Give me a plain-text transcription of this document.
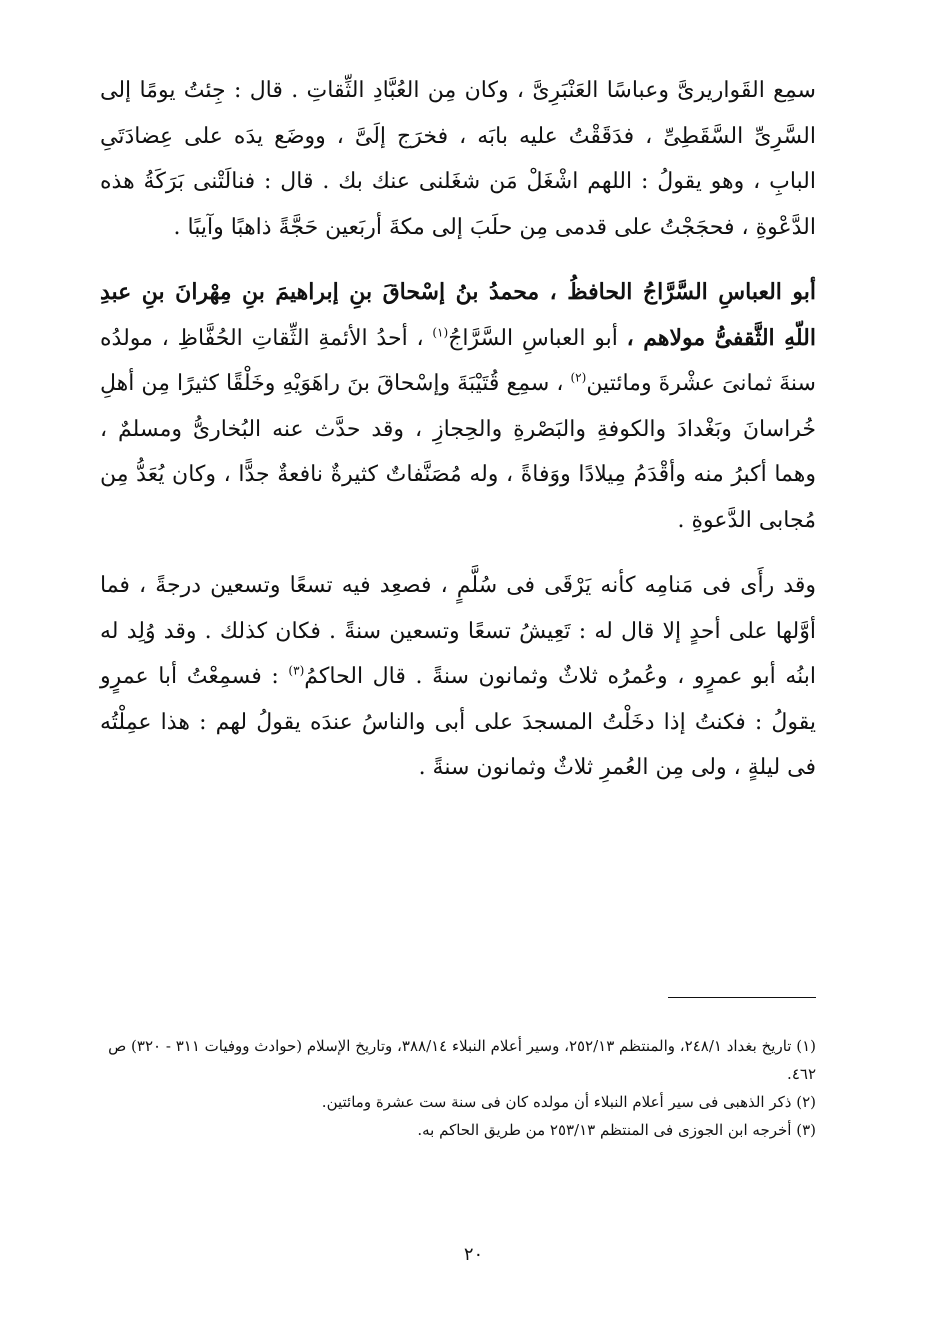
سمِع القَواريرىَّ وعباسًا العَنْبَرِىَّ ، وكان مِن العُبَّادِ الثِّقاتِ . قال : جِئتُ يومًا إلى السَّرِىِّ السَّقَطِىِّ ، فدَقَقْتُ عليه بابَه ، فخرَج إلَىَّ ، ووضَع يدَه على عِضادَتَىِ البابِ ، وهو يقولُ : اللهم اشْغَلْ مَن شغَلنى عنك بك . قال : فنالَتْنى بَرَكَةُ هذه الدَّعْوةِ ، فحجَجْتُ على قدمى مِن حلَبَ إلى مكةَ أربَعين حَجَّةً ذاهبًا وآيبًا .

أبو العباسِ السَّرَّاجُ الحافظُ ، محمدُ بنُ إسْحاقَ بنِ إبراهيمَ بنِ مِهْرانَ بنِ عبدِ اللّهِ الثَّقفىُّ مولاهم ، أبو العباسِ السَّرَّاجُ$^{(١)}$ ، أحدُ الأئمةِ الثِّقاتِ الحُفَّاظِ ، مولدُه سنةَ ثمانىَ عشْرةَ ومائتين$^{(٢)}$ ، سمِع قُتَيْبَةَ وإسْحاقَ بنَ راهَوَيْهِ وخَلْقًا كثيرًا مِن أهلِ خُراسانَ وبَغْدادَ والكوفةِ والبَصْرةِ والحِجازِ ، وقد حدَّث عنه البُخارىُّ ومسلمٌ ، وهما أكبرُ منه وأقْدَمُ مِيلادًا ووَفاةً ، وله مُصَنَّفاتٌ كثيرةٌ نافعةٌ جدًّا ، وكان يُعَدُّ مِن مُجابى الدَّعوةِ .

وقد رأَى فى مَنامِه كأنه يَرْقَى فى سُلَّمٍ ، فصعِد فيه تسعًا وتسعين درجةً ، فما أوَّلها على أحدٍ إلا قال له : تَعِيشُ تسعًا وتسعين سنةً . فكان كذلك . وقد وُلِد له ابنُه أبو عمرٍو ، وعُمرُه ثلاثٌ وثمانون سنةً . قال الحاكمُ$^{(٣)}$ : فسمِعْتُ أبا عمرٍو يقولُ : فكنتُ إذا دخَلْتُ المسجدَ على أبى والناسُ عندَه يقولُ لهم : هذا عمِلْتُه فى ليلةٍ ، ولى مِن العُمرِ ثلاثٌ وثمانون سنةً .

(١) تاريخ بغداد ٢٤٨/١، والمنتظم ٢٥٢/١٣، وسير أعلام النبلاء ٣٨٨/١٤، وتاريخ الإسلام (حوادث ووفيات ٣١١ - ٣٢٠) ص ٤٦٢.

(٢) ذكر الذهبى فى سير أعلام النبلاء أن مولده كان فى سنة ست عشرة ومائتين.

(٣) أخرجه ابن الجوزى فى المنتظم ٢٥٣/١٣ من طريق الحاكم به.

٢٠
